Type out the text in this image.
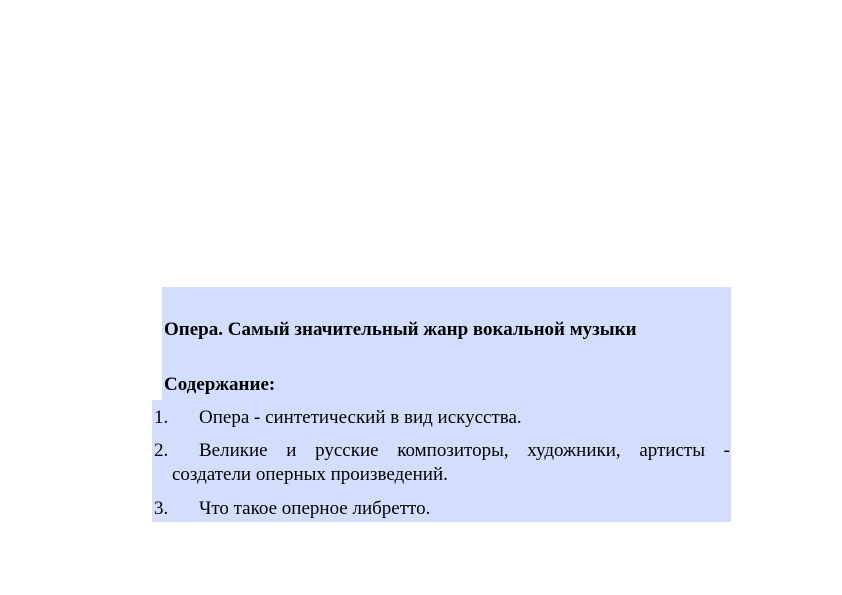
Опера. Самый значительный жанр вокальной музыки
Содержание:
1.	Опера - синтетический в вид искусства.
2.	Великие и русские композиторы, художники, артисты -
создатели оперных произведений.
3.	Что такое оперное либретто.
